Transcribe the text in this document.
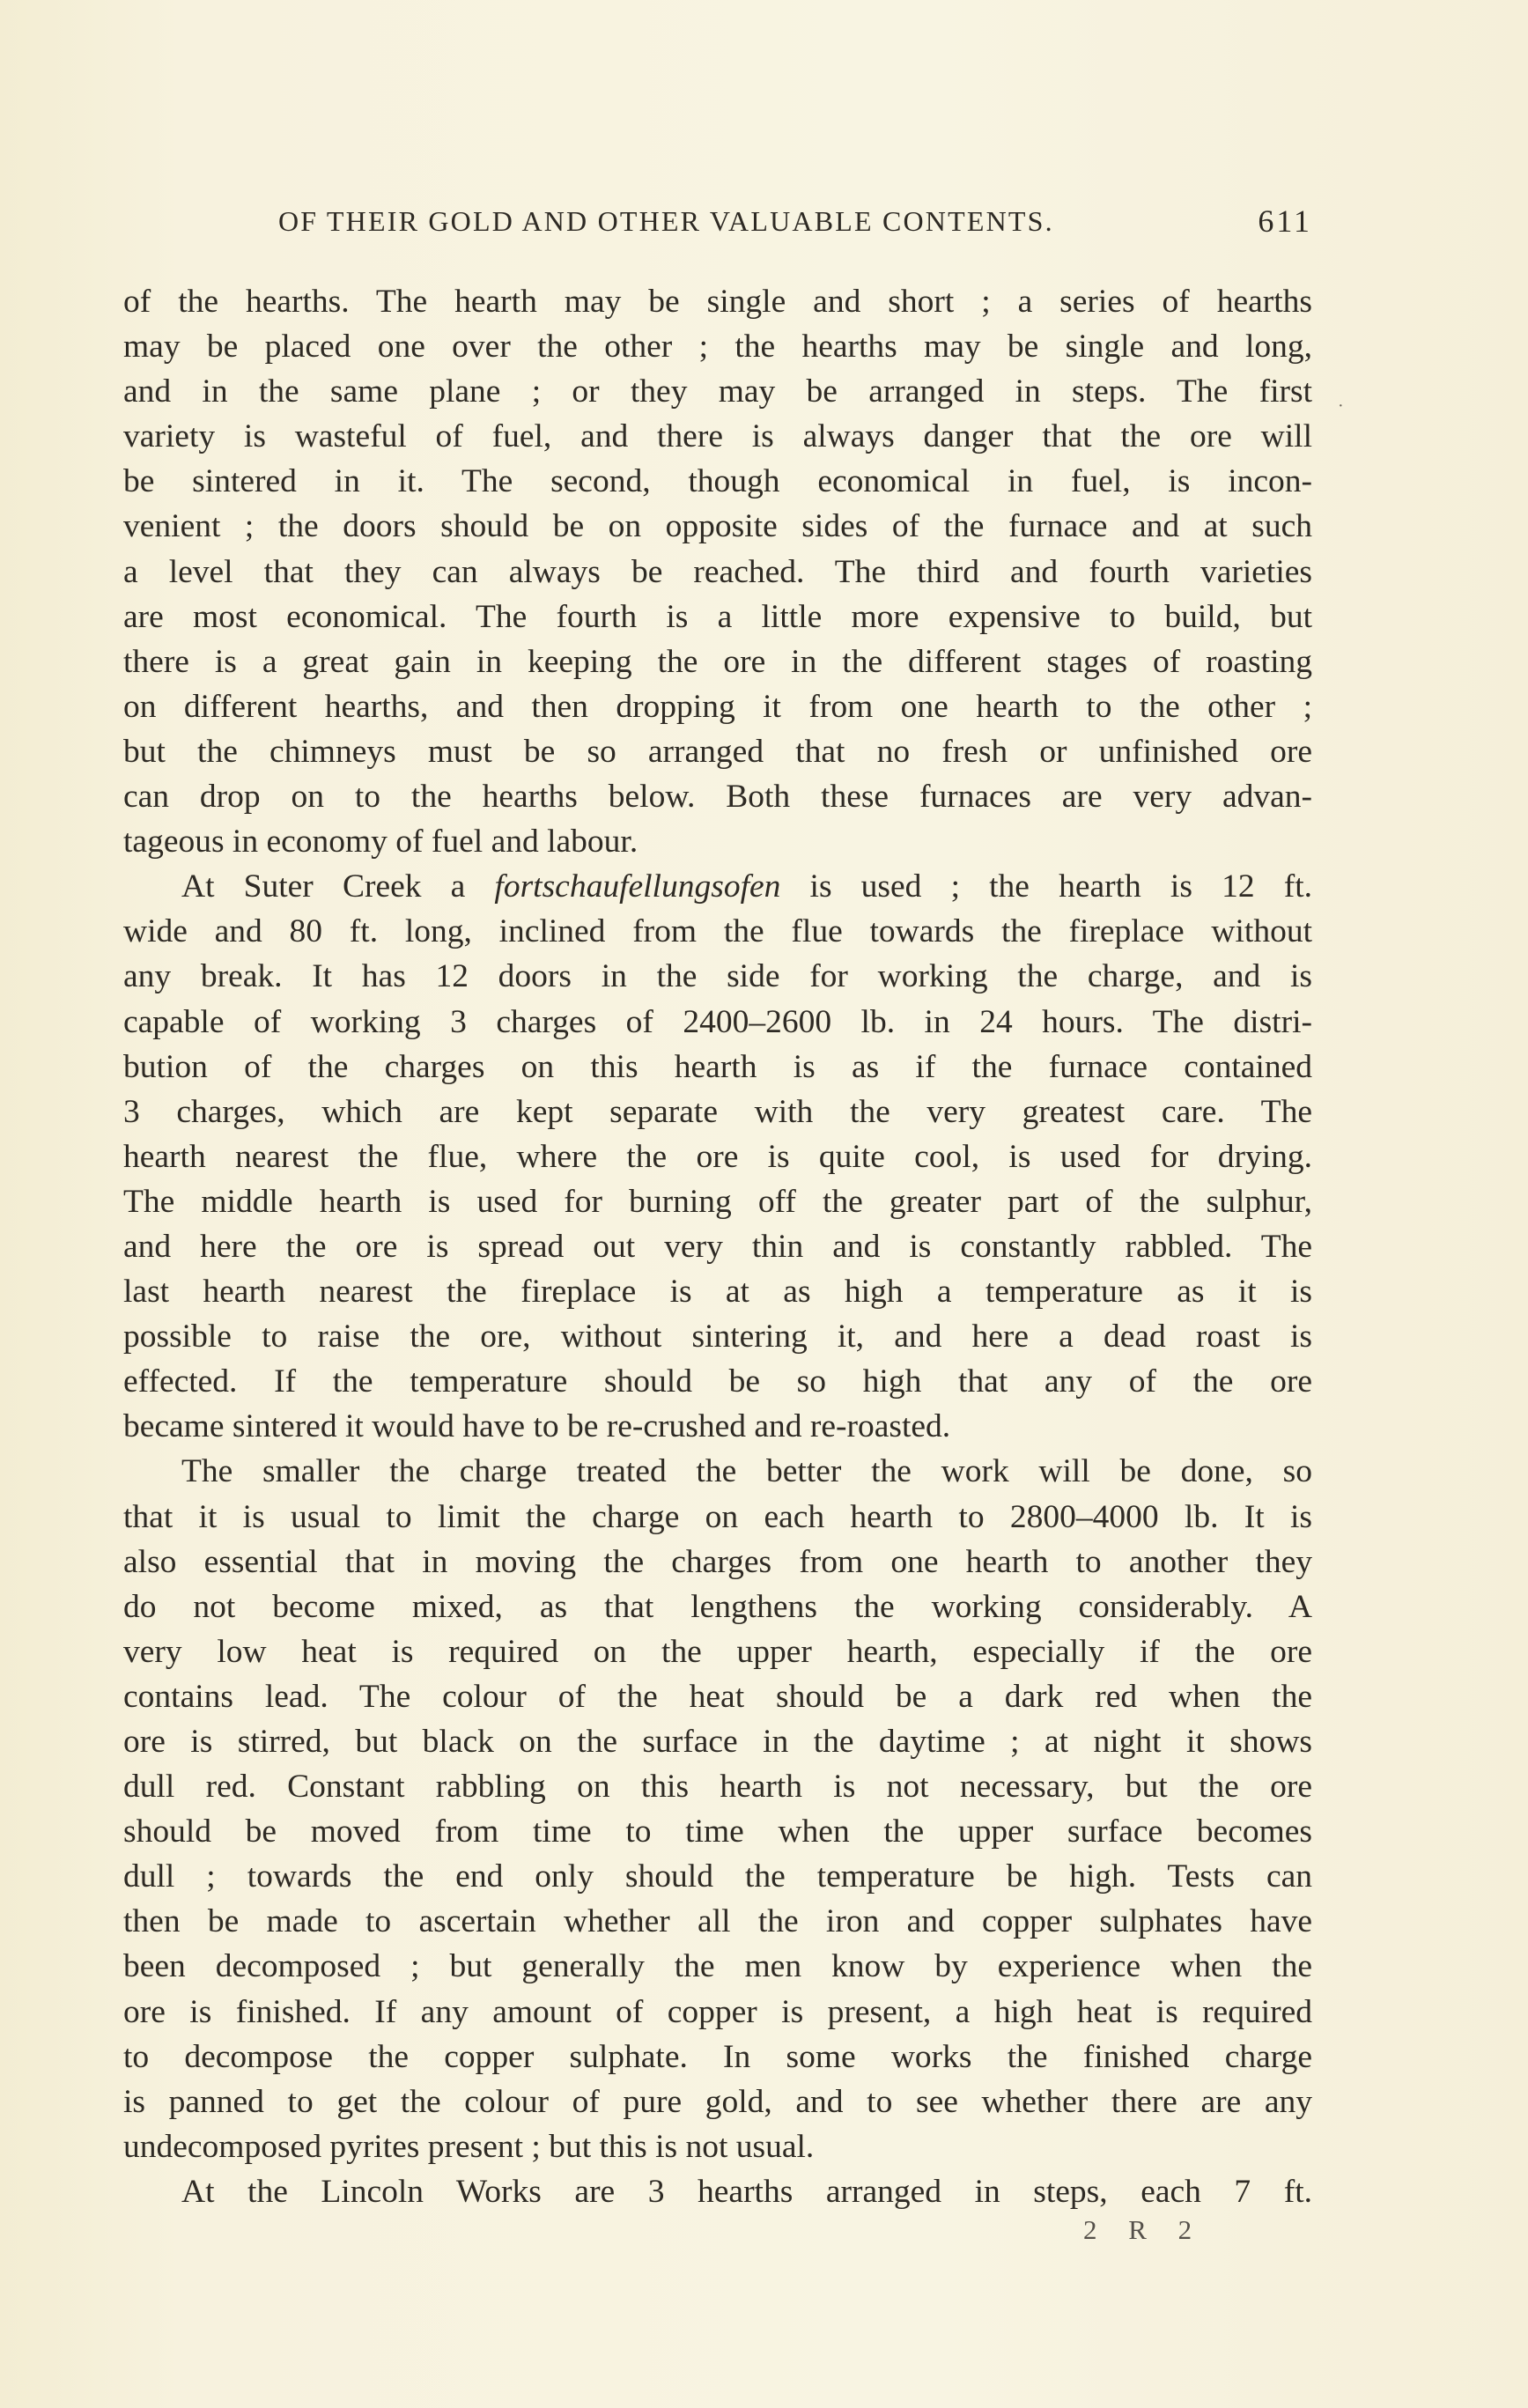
OF THEIR GOLD AND OTHER VALUABLE CONTENTS.	611
·
of the hearths. The hearth may be single and short ; a series of hearths
may be placed one over the other ; the hearths may be single and long,
and in the same plane ; or they may be arranged in steps. The first
variety is wasteful of fuel, and there is always danger that the ore will
be sintered in it. The second, though economical in fuel, is incon-
venient ; the doors should be on opposite sides of the furnace and at such
a level that they can always be reached. The third and fourth varieties
are most economical. The fourth is a little more expensive to build, but
there is a great gain in keeping the ore in the different stages of roasting
on different hearths, and then dropping it from one hearth to the other ;
but the chimneys must be so arranged that no fresh or unfinished ore
can drop on to the hearths below. Both these furnaces are very advan-
tageous in economy of fuel and labour.
At Suter Creek a fortschaufellungsofen is used ; the hearth is 12 ft.
wide and 80 ft. long, inclined from the flue towards the fireplace without
any break. It has 12 doors in the side for working the charge, and is
capable of working 3 charges of 2400–2600 lb. in 24 hours. The distri-
bution of the charges on this hearth is as if the furnace contained
3 charges, which are kept separate with the very greatest care. The
hearth nearest the flue, where the ore is quite cool, is used for drying.
The middle hearth is used for burning off the greater part of the sulphur,
and here the ore is spread out very thin and is constantly rabbled. The
last hearth nearest the fireplace is at as high a temperature as it is
possible to raise the ore, without sintering it, and here a dead roast is
effected. If the temperature should be so high that any of the ore
became sintered it would have to be re-crushed and re-roasted.
The smaller the charge treated the better the work will be done, so
that it is usual to limit the charge on each hearth to 2800–4000 lb. It is
also essential that in moving the charges from one hearth to another they
do not become mixed, as that lengthens the working considerably. A
very low heat is required on the upper hearth, especially if the ore
contains lead. The colour of the heat should be a dark red when the
ore is stirred, but black on the surface in the daytime ; at night it shows
dull red. Constant rabbling on this hearth is not necessary, but the ore
should be moved from time to time when the upper surface becomes
dull ; towards the end only should the temperature be high. Tests can
then be made to ascertain whether all the iron and copper sulphates have
been decomposed ; but generally the men know by experience when the
ore is finished. If any amount of copper is present, a high heat is required
to decompose the copper sulphate. In some works the finished charge
is panned to get the colour of pure gold, and to see whether there are any
undecomposed pyrites present ; but this is not usual.
At the Lincoln Works are 3 hearths arranged in steps, each 7 ft.
2 R 2
